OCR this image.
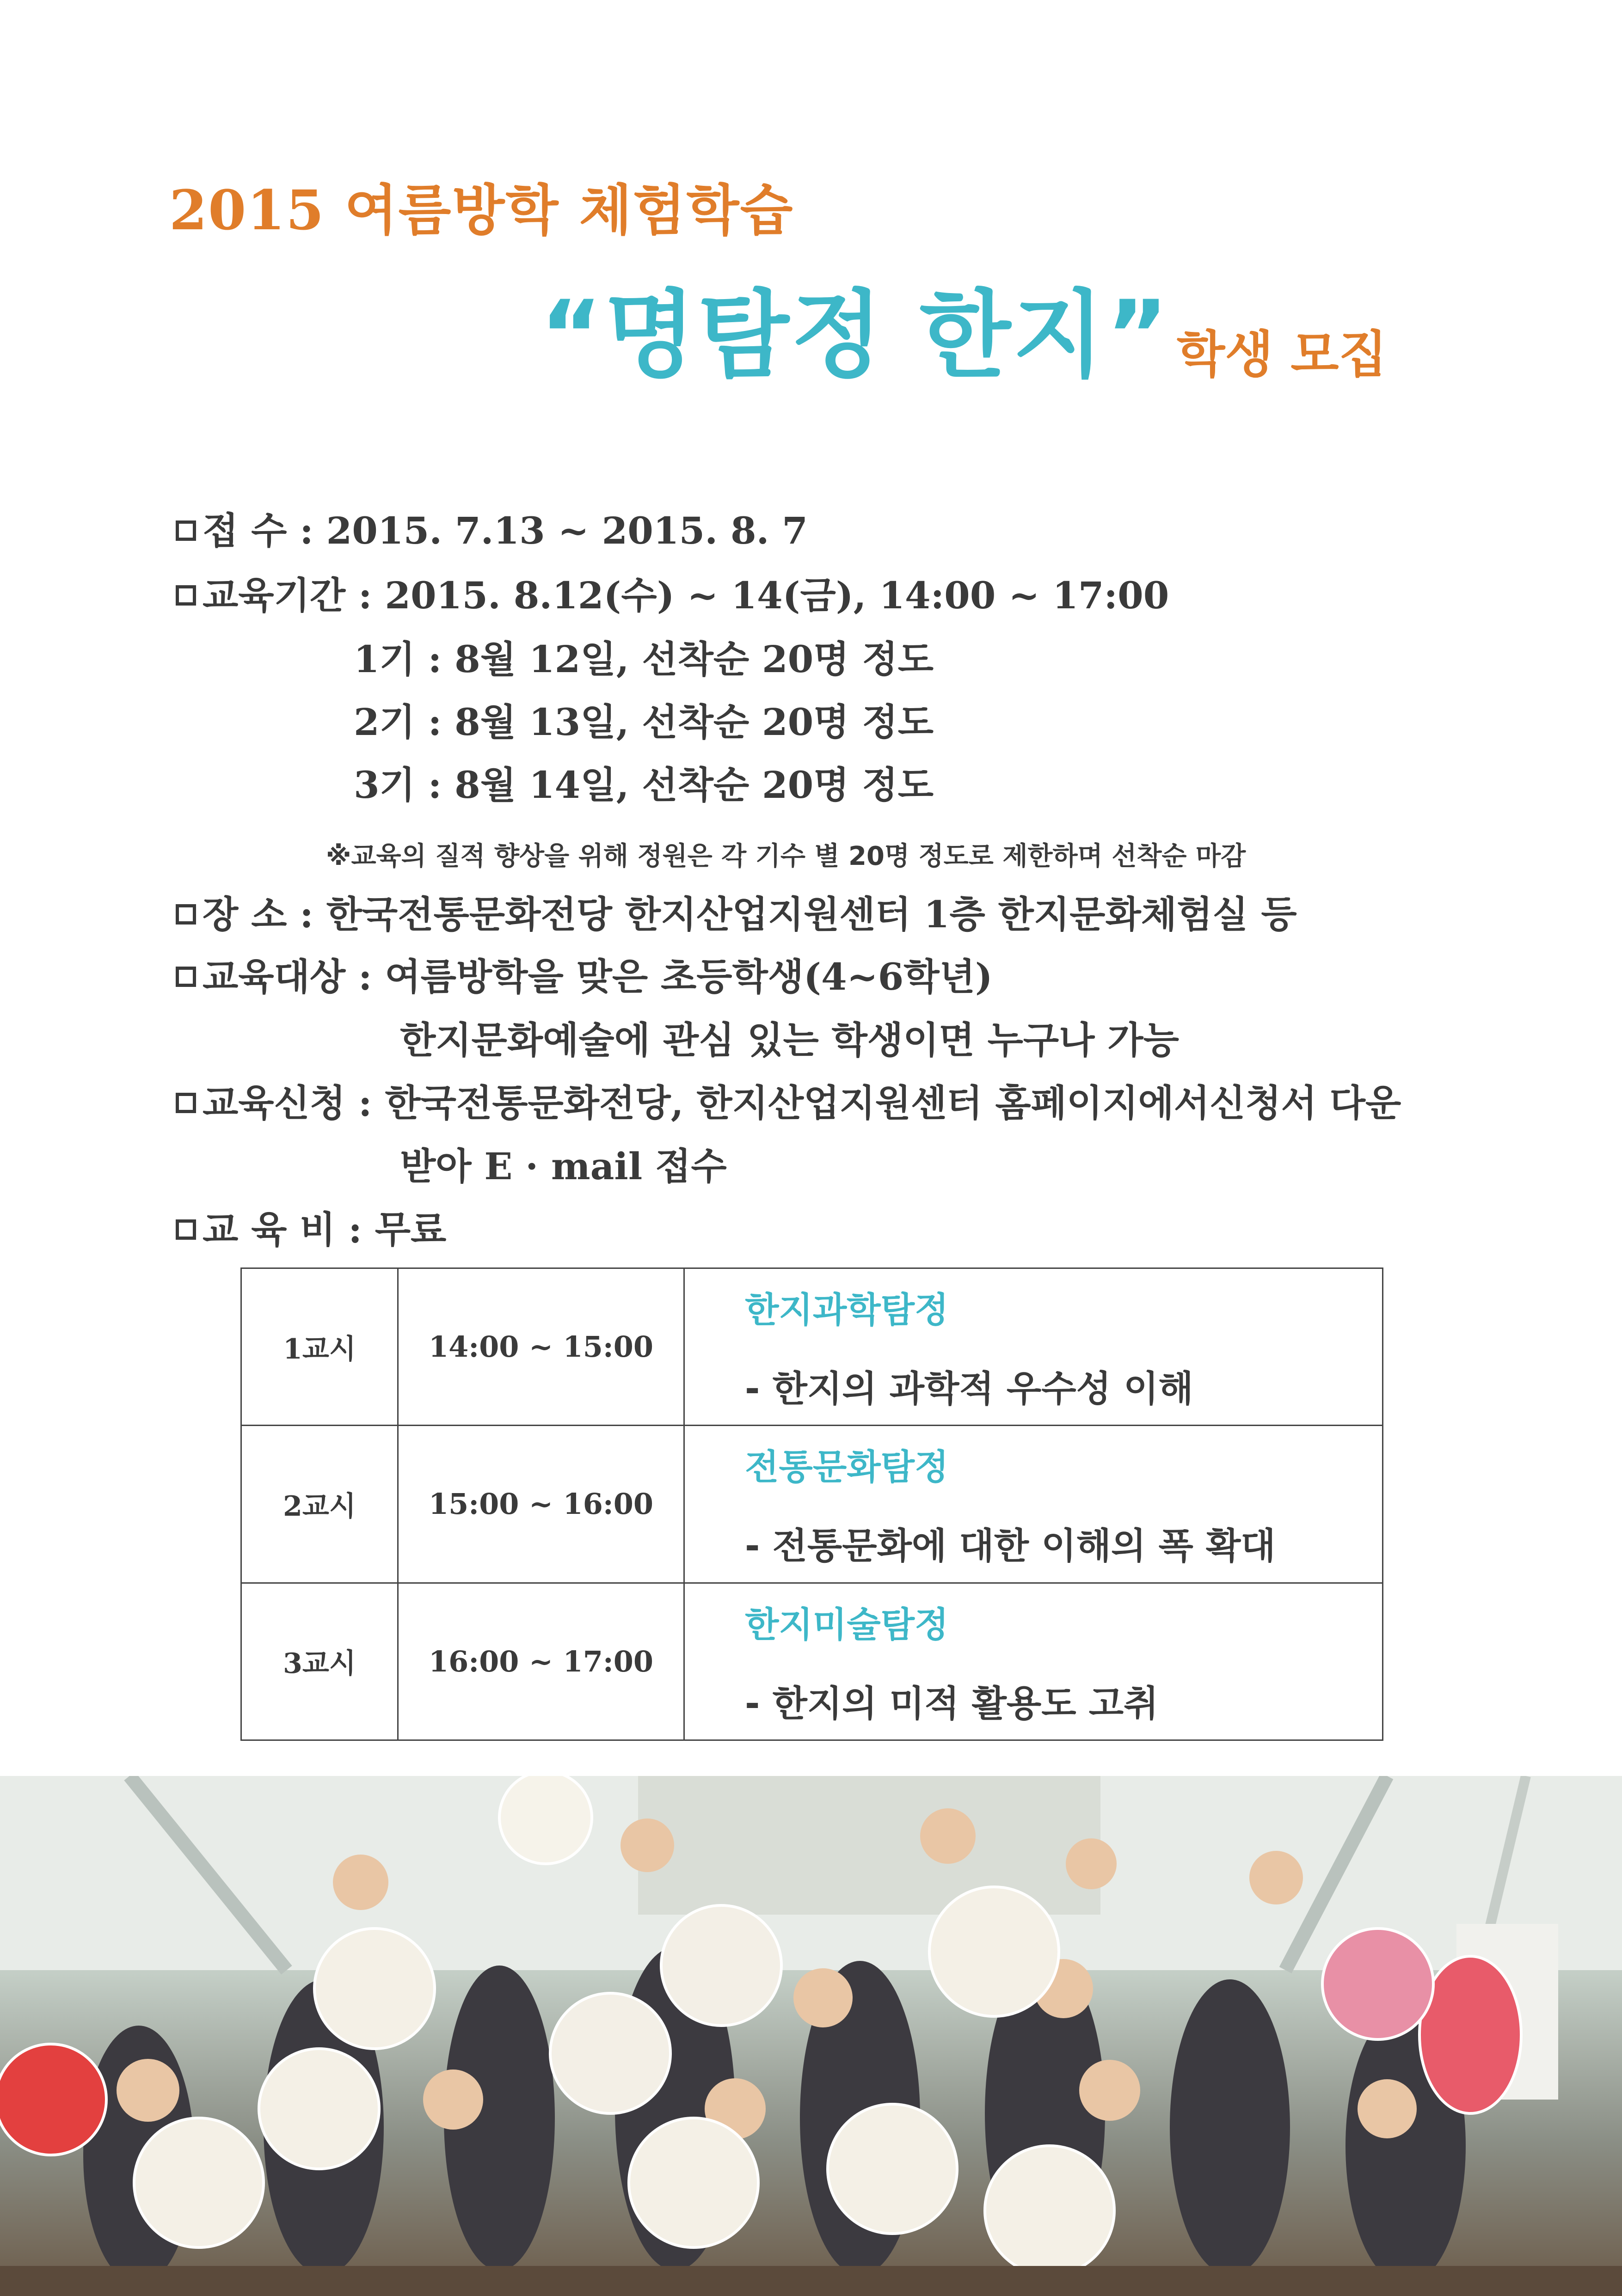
2015 여름방학 체험학습
“명탐정 한지” 학생 모집
접 수 : 2015. 7.13 ~ 2015. 8. 7
교육기간 : 2015. 8.12(수) ~ 14(금), 14:00 ~ 17:00
1기 : 8월 12일, 선착순 20명 정도
2기 : 8월 13일, 선착순 20명 정도
3기 : 8월 14일, 선착순 20명 정도
※교육의 질적 향상을 위해 정원은 각 기수 별 20명 정도로 제한하며 선착순 마감
장 소 : 한국전통문화전당 한지산업지원센터 1층 한지문화체험실 등
교육대상 : 여름방학을 맞은 초등학생(4~6학년)
한지문화예술에 관심 있는 학생이면 누구나 가능
교육신청 : 한국전통문화전당, 한지산업지원센터 홈페이지에서신청서 다운
받아 E · mail 접수
교 육 비 : 무료
1교시	14:00 ~ 15:00	한지과학탐정
- 한지의 과학적 우수성 이해

2교시	15:00 ~ 16:00	전통문화탐정
- 전통문화에 대한 이해의 폭 확대

3교시	16:00 ~ 17:00	한지미술탐정
- 한지의 미적 활용도 고취
